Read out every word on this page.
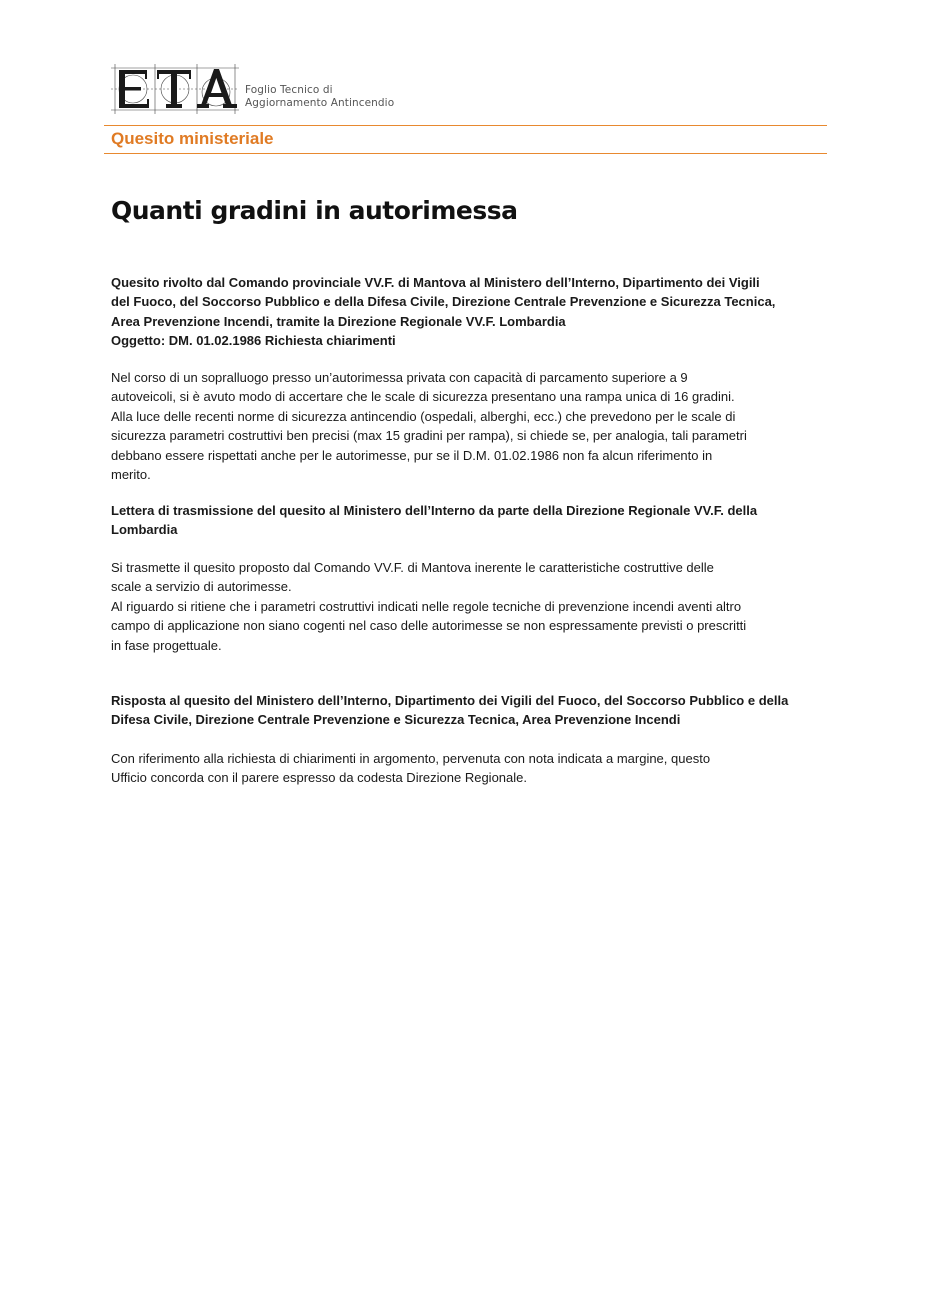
Foglio Tecnico di
Aggiornamento Antincendio
Quesito ministeriale
Quanti gradini in autorimessa
Quesito rivolto dal Comando provinciale VV.F. di Mantova al Ministero dell’Interno, Dipartimento dei Vigili
del Fuoco, del Soccorso Pubblico e della Difesa Civile, Direzione Centrale Prevenzione e Sicurezza Tecnica,
Area Prevenzione Incendi, tramite la Direzione Regionale VV.F. Lombardia
Oggetto: DM. 01.02.1986 Richiesta chiarimenti
Nel corso di un sopralluogo presso un’autorimessa privata con capacità di parcamento superiore a 9
autoveicoli, si è avuto modo di accertare che le scale di sicurezza presentano una rampa unica di 16 gradini.
Alla luce delle recenti norme di sicurezza antincendio (ospedali, alberghi, ecc.) che prevedono per le scale di
sicurezza parametri costruttivi ben precisi (max 15 gradini per rampa), si chiede se, per analogia, tali parametri
debbano essere rispettati anche per le autorimesse, pur se il D.M. 01.02.1986 non fa alcun riferimento in
merito.
Lettera di trasmissione del quesito al Ministero dell’Interno da parte della Direzione Regionale VV.F. della
Lombardia
Si trasmette il quesito proposto dal Comando VV.F. di Mantova inerente le caratteristiche costruttive delle
scale a servizio di autorimesse.
Al riguardo si ritiene che i parametri costruttivi indicati nelle regole tecniche di prevenzione incendi aventi altro
campo di applicazione non siano cogenti nel caso delle autorimesse se non espressamente previsti o prescritti
in fase progettuale.
Risposta al quesito del Ministero dell’Interno, Dipartimento dei Vigili del Fuoco, del Soccorso Pubblico e della
Difesa Civile, Direzione Centrale Prevenzione e Sicurezza Tecnica, Area Prevenzione Incendi
Con riferimento alla richiesta di chiarimenti in argomento, pervenuta con nota indicata a margine, questo
Ufficio concorda con il parere espresso da codesta Direzione Regionale.
